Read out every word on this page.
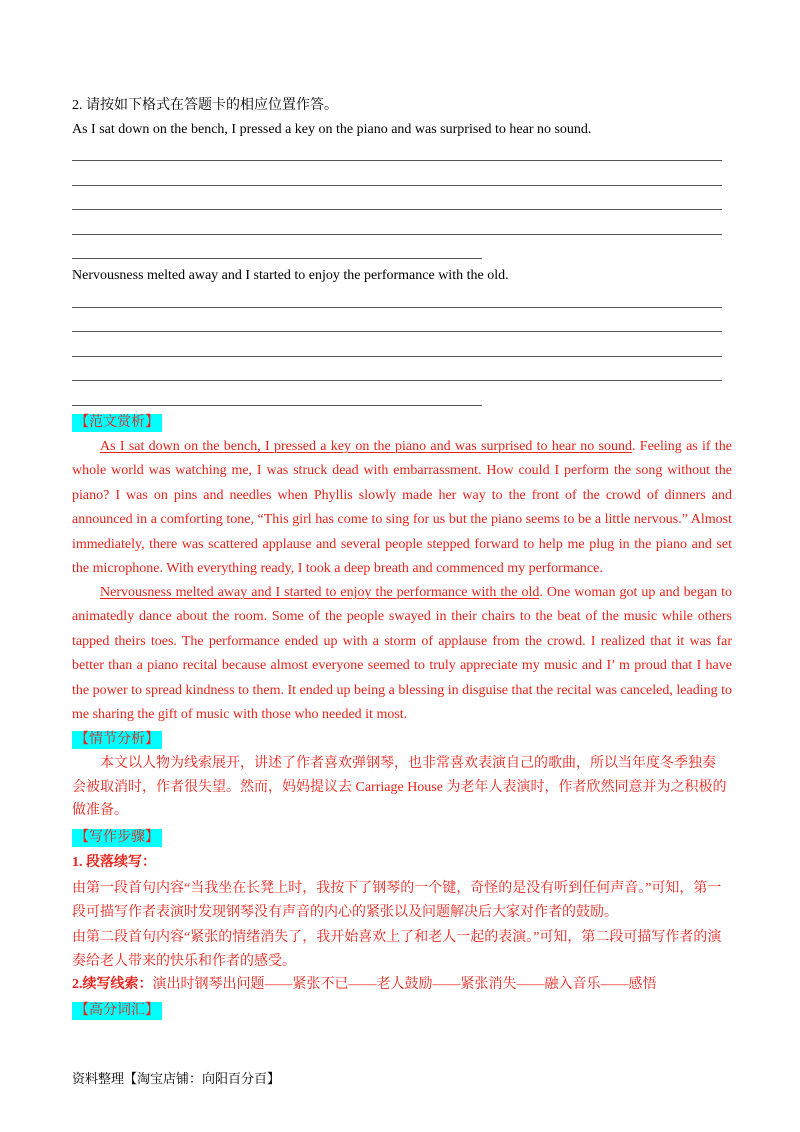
2. 请按如下格式在答题卡的相应位置作答。
As I sat down on the bench, I pressed a key on the piano and was surprised to hear no sound.
Nervousness melted away and I started to enjoy the performance with the old.
【范文赏析】
As I sat down on the bench, I pressed a key on the piano and was surprised to hear no sound. Feeling as if the whole world was watching me, I was struck dead with embarrassment. How could I perform the song without the piano? I was on pins and needles when Phyllis slowly made her way to the front of the crowd of dinners and announced in a comforting tone, “This girl has come to sing for us but the piano seems to be a little nervous.” Almost immediately, there was scattered applause and several people stepped forward to help me plug in the piano and set the microphone. With everything ready, I took a deep breath and commenced my performance.
Nervousness melted away and I started to enjoy the performance with the old. One woman got up and began to animatedly dance about the room. Some of the people swayed in their chairs to the beat of the music while others tapped theirs toes. The performance ended up with a storm of applause from the crowd. I realized that it was far better than a piano recital because almost everyone seemed to truly appreciate my music and I’ m proud that I have the power to spread kindness to them. It ended up being a blessing in disguise that the recital was canceled, leading to me sharing the gift of music with those who needed it most.
【情节分析】
本文以人物为线索展开，讲述了作者喜欢弹钢琴，也非常喜欢表演自己的歌曲，所以当年度冬季独奏会被取消时，作者很失望。然而，妈妈提议去 Carriage House 为老年人表演时，作者欣然同意并为之积极的做准备。
【写作步骤】
1. 段落续写：
由第一段首句内容“当我坐在长凳上时，我按下了钢琴的一个键，奇怪的是没有听到任何声音。”可知，第一段可描写作者表演时发现钢琴没有声音的内心的紧张以及问题解决后大家对作者的鼓励。
由第二段首句内容“紧张的情绪消失了，我开始喜欢上了和老人一起的表演。”可知，第二段可描写作者的演奏给老人带来的快乐和作者的感受。
2.续写线索：演出时钢琴出问题——紧张不已——老人鼓励——紧张消失——融入音乐——感悟
【高分词汇】
资料整理【淘宝店铺：向阳百分百】
